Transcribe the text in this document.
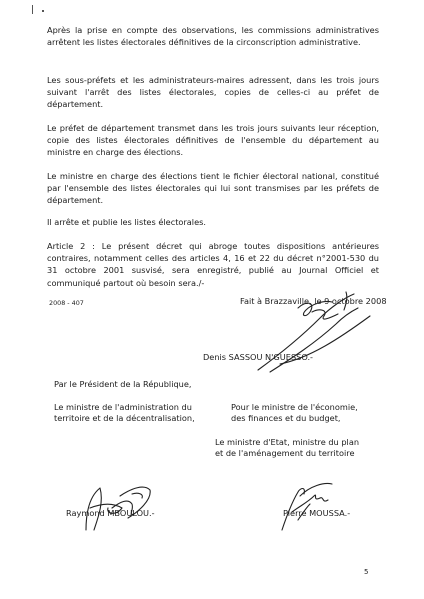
Après la prise en compte des observations, les commissions administratives arrêtent les listes électorales définitives de la circonscription administrative.

Les sous-préfets et les administrateurs-maires adressent, dans les trois jours suivant l'arrêt des listes électorales, copies de celles-ci au préfet de département.

Le préfet de département transmet dans les trois jours suivants leur réception, copie des listes électorales définitives de l'ensemble du département au ministre en charge des élections.

Le ministre en charge des élections tient le fichier électoral national, constitué par l'ensemble des listes électorales qui lui sont transmises par les préfets de département.

Il arrête et publie les listes électorales.

Article 2 : Le présent décret qui abroge toutes dispositions antérieures contraires, notamment celles des articles 4, 16 et 22 du décret n°2001-530 du 31 octobre 2001 susvisé, sera enregistré, publié au Journal Officiel et communiqué partout où besoin sera./-

2008 - 407	Fait à Brazzaville, le 9 octobre 2008
Denis SASSOU N'GUESSO.-
Par le Président de la République,
Le ministre de l'administration du
territoire et de la décentralisation,
Pour le ministre de l'économie,
des finances et du budget,
Le ministre d'Etat, ministre du plan
et de l'aménagement du territoire
Raymond MBOULOU.-	Pierre MOUSSA.-
5
